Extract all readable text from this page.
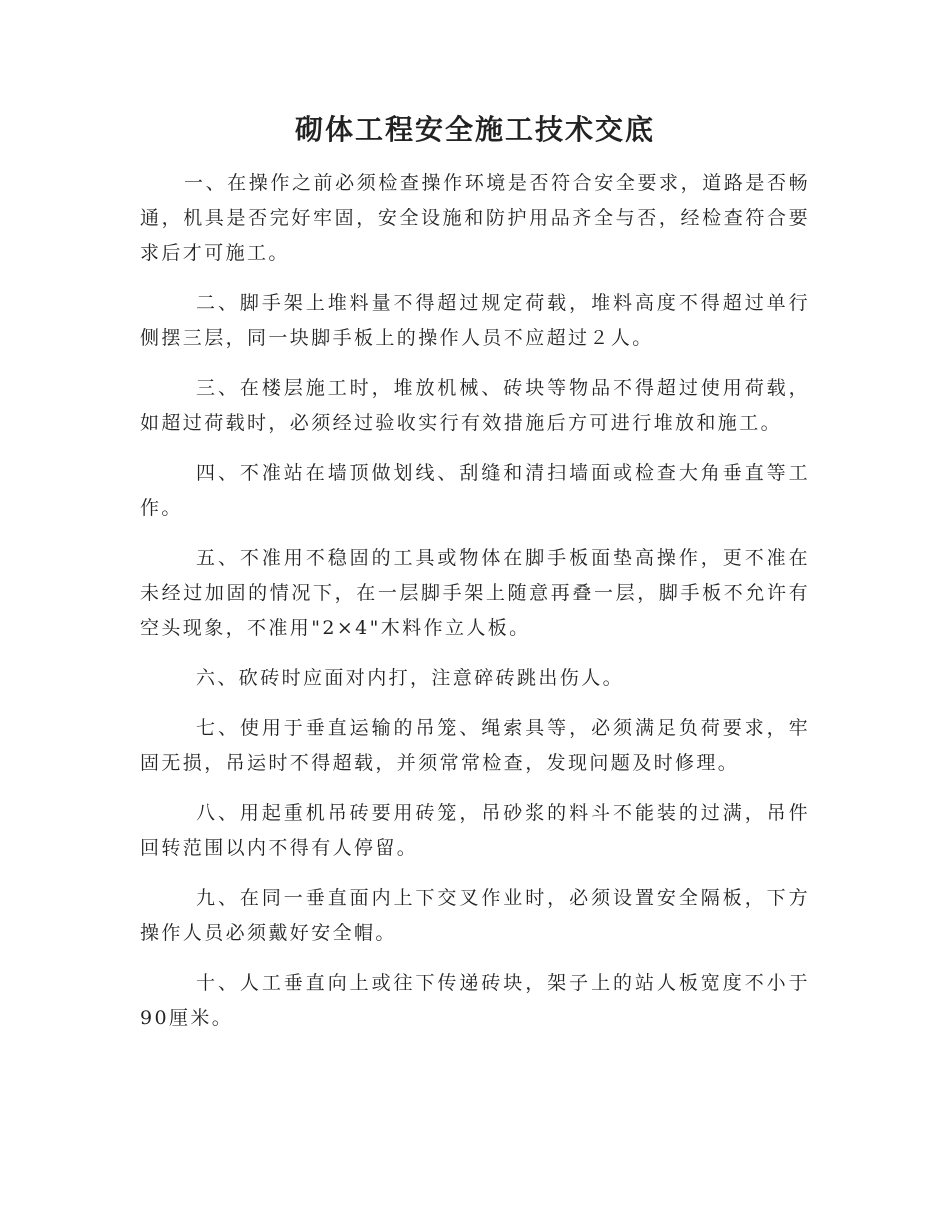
砌体工程安全施工技术交底

一、在操作之前必须检查操作环境是否符合安全要求，道路是否畅通，机具是否完好牢固，安全设施和防护用品齐全与否，经检查符合要求后才可施工。

二、脚手架上堆料量不得超过规定荷载，堆料高度不得超过单行侧摆三层，同一块脚手板上的操作人员不应超过２人。

三、在楼层施工时，堆放机械、砖块等物品不得超过使用荷载，如超过荷载时，必须经过验收实行有效措施后方可进行堆放和施工。

四、不准站在墙顶做划线、刮缝和清扫墙面或检查大角垂直等工作。

五、不准用不稳固的工具或物体在脚手板面垫高操作，更不准在未经过加固的情况下，在一层脚手架上随意再叠一层，脚手板不允许有空头现象，不准用"2×4"木料作立人板。

六、砍砖时应面对内打，注意碎砖跳出伤人。

七、使用于垂直运输的吊笼、绳索具等，必须满足负荷要求，牢固无损，吊运时不得超载，并须常常检查，发现问题及时修理。

八、用起重机吊砖要用砖笼，吊砂浆的料斗不能装的过满，吊件回转范围以内不得有人停留。

九、在同一垂直面内上下交叉作业时，必须设置安全隔板，下方操作人员必须戴好安全帽。

十、人工垂直向上或往下传递砖块，架子上的站人板宽度不小于90厘米。
